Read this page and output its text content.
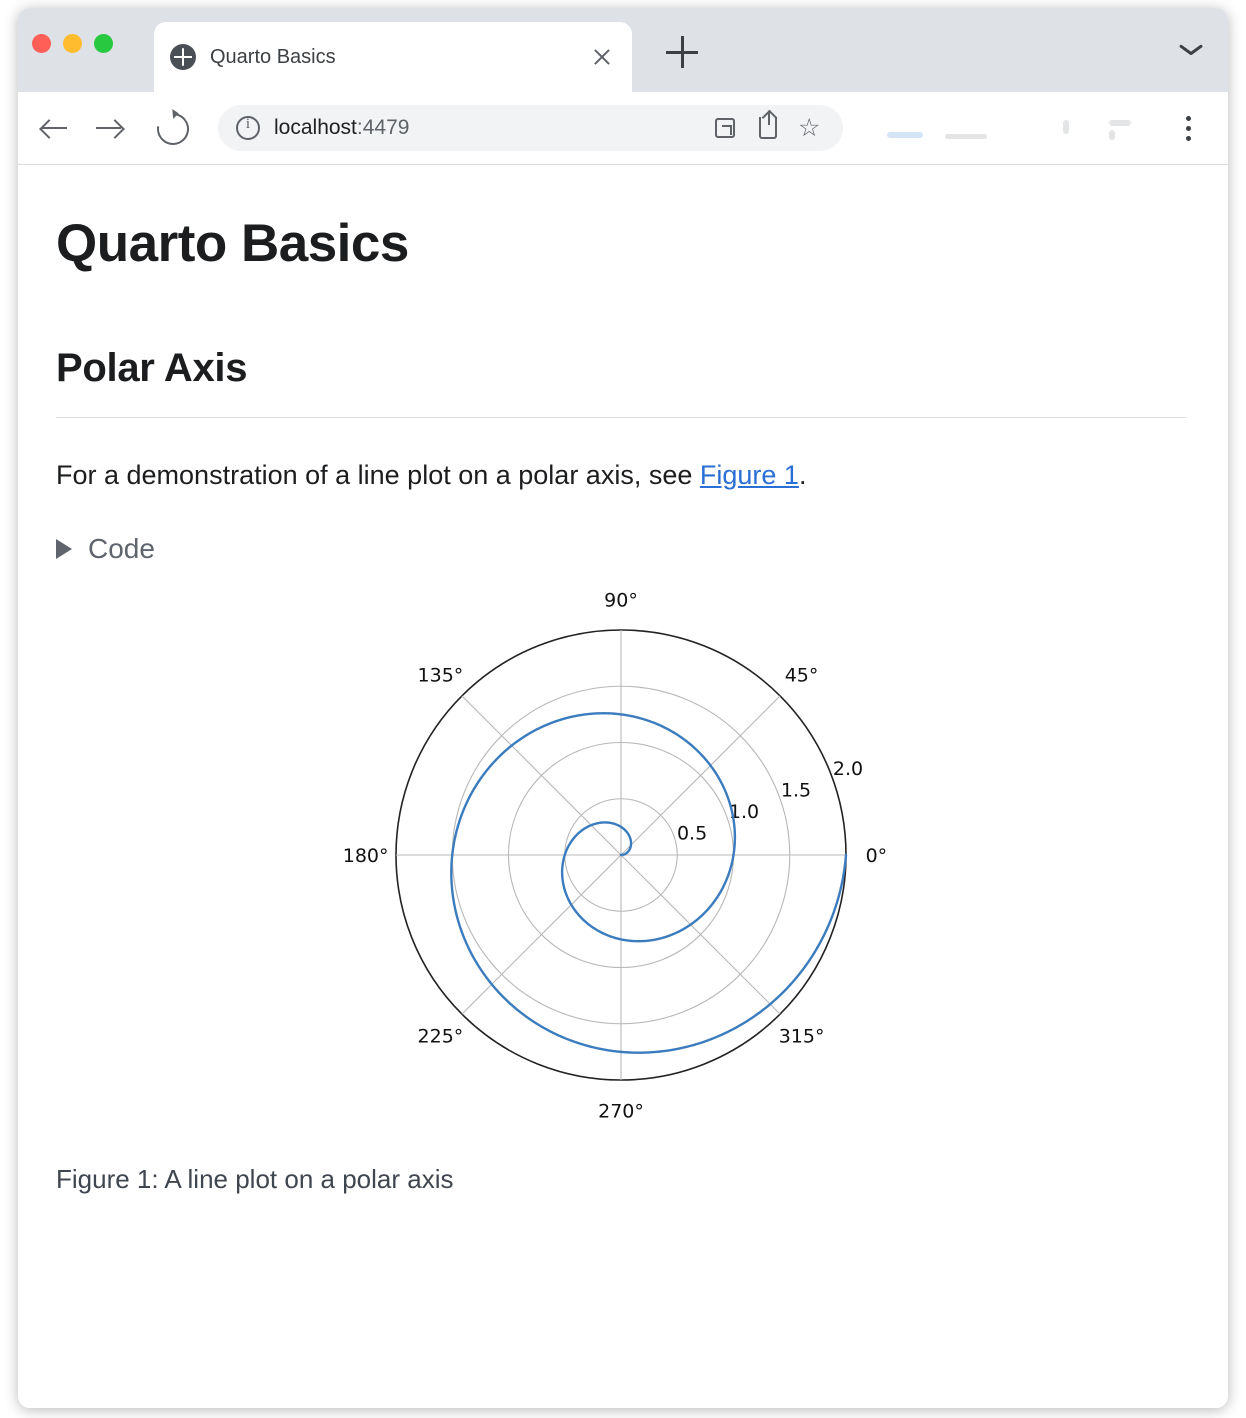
Quarto Basics
i
localhost:4479	☆
Quarto Basics
Polar Axis

For a demonstration of a line plot on a polar axis, see Figure 1.

Code
0°
45°
90°
135°
180°
225°
270°
315°
0.5
1.0
1.5
2.0
Figure 1: A line plot on a polar axis
